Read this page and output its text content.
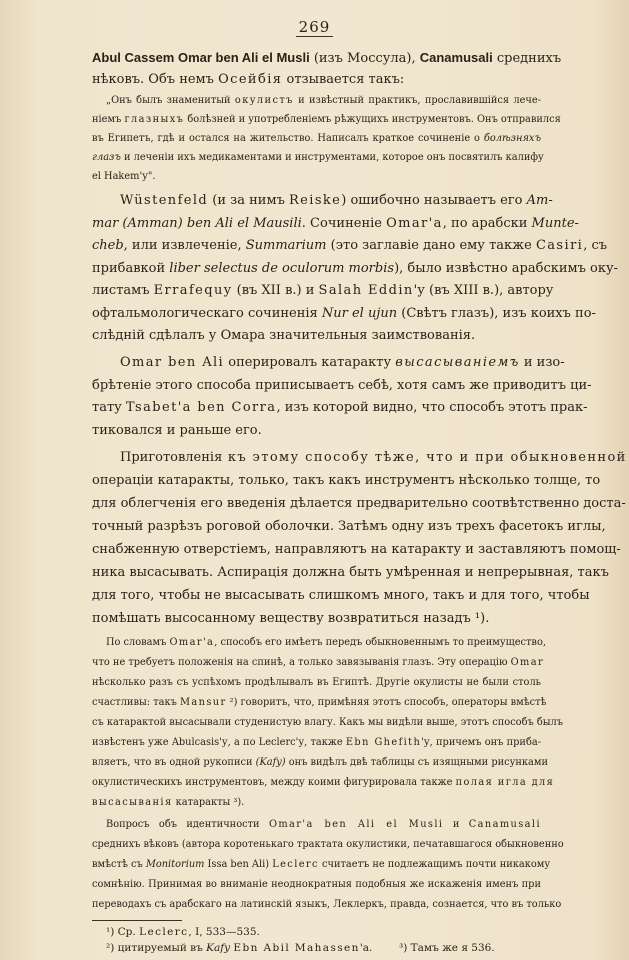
269
Abul Cassem Omar ben Ali el Musli (изъ Моссула), Canamusali среднихъ
нѣковъ. Объ немъ Осейбія отзывается такъ:
„Онъ былъ знаменитый окулистъ и извѣстный практикъ, прославившійся лече-
ніемъ глазныхъ болѣзней и употребленіемъ рѣжущихъ инструментовъ. Онъ отправился
въ Египетъ, гдѣ и остался на жительство. Написалъ краткое сочиненіе о болѣзняхъ
глазъ и леченіи ихъ медикаментами и инструментами, которое онъ посвятилъ калифу
el Hakem'у".
Wüstenfeld (и за нимъ Reiske) ошибочно называетъ его Am-
mar (Amman) ben Ali el Mausili. Сочиненіе Omar'a, по арабски Munte-
cheb, или извлеченіе, Summarium (это заглавіе дано ему также Casiri, съ
прибавкой liber selectus de oculorum morbis), было извѣстно арабскимъ оку-
листамъ Errafequy (въ XII в.) и Salah Eddin'у (въ XIII в.), автору
офтальмологическаго сочиненія Nur el ujun (Свѣтъ глазъ), изъ коихъ по-
слѣдній сдѣлалъ у Омара значительныя заимствованія.
Omar ben Ali оперировалъ катаракту высасываніемъ и изо-
брѣтеніе этого способа приписываетъ себѣ, хотя самъ же приводитъ ци-
тату Tsabet'a ben Corra, изъ которой видно, что способъ этотъ прак-
тиковался и раньше его.
Приготовленія къ этому способу тѣже, что и при обыкновенной
операціи катаракты, только, такъ какъ инструментъ нѣсколько толще, то
для облегченія его введенія дѣлается предварительно соотвѣтственно доста-
точный разрѣзъ роговой оболочки. Затѣмъ одну изъ трехъ фасетокъ иглы,
снабженную отверстіемъ, направляютъ на катаракту и заставляютъ помощ-
ника высасывать. Аспирація должна быть умѣренная и непрерывная, такъ
для того, чтобы не высасывать слишкомъ много, такъ и для того, чтобы
помѣшать высосанному веществу возвратиться назадъ ¹).
По словамъ Omar'a, способъ его имѣетъ передъ обыкновеннымъ то преимущество,
что не требуетъ положенія на спинѣ, а только завязыванія глазъ. Эту операцію Omar
нѣсколько разъ съ успѣхомъ продѣлывалъ въ Египтѣ. Другіе окулисты не были столь
счастливы: такъ Mansur ²) говоритъ, что, примѣняя этотъ способъ, операторы вмѣстѣ
съ катарактой высасывали студенистую влагу. Какъ мы видѣли выше, этотъ способъ былъ
извѣстенъ уже Abulcasis'у, а по Leclerc'у, также Ebn Ghefith'у, причемъ онъ приба-
вляетъ, что въ одной рукописи (Kafy) онъ видѣлъ двѣ таблицы съ изящными рисунками
окулистическихъ инструментовъ, между коими фигурировала также полая игла для
высасыванія катаракты ³).
Вопросъ объ идентичности Omar'a ben Ali el Musli и Canamusali
среднихъ вѣковъ (автора коротенькаго трактата окулистики, печатавшагося обыкновенно
вмѣстѣ съ Monitorium Issa ben Ali) Leclerc считаетъ не подлежащимъ почти никакому
сомнѣнію. Принимая во вниманіе неоднократныя подобныя же искаженія именъ при
переводахъ съ арабскаго на латинскій языкъ, Леклеркъ, правда, сознается, что въ только
¹) Ср. Leclerc, I, 533—535.
²) цитируемый въ Kafy Ebn Abil Mahassen'a.        ³) Тамъ же я 536.
